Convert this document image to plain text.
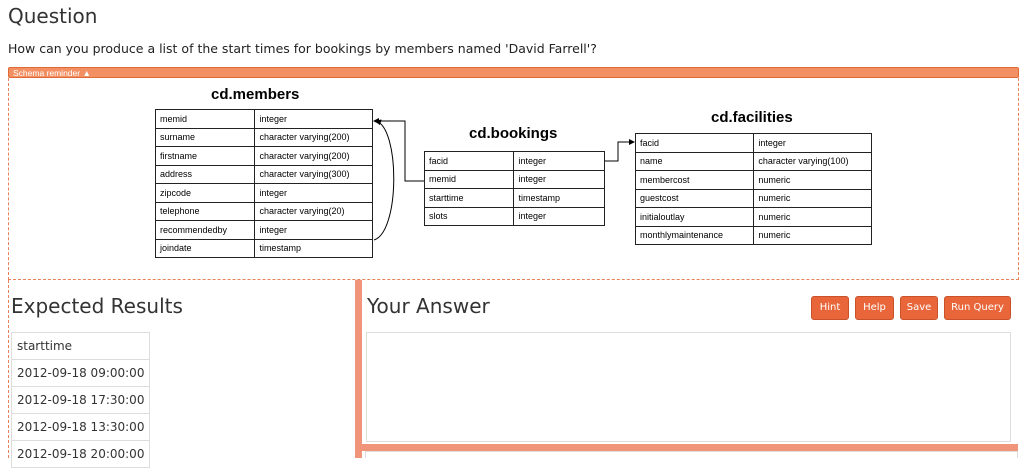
Question
How can you produce a list of the start times for bookings by members named 'David Farrell'?
Schema reminder ▲
cd.members
memid	integer
surname	character varying(200)
firstname	character varying(200)
address	character varying(300)
zipcode	integer
telephone	character varying(20)
recommendedby	integer
joindate	timestamp
cd.bookings
facid	integer
memid	integer
starttime	timestamp
slots	integer
cd.facilities
facid	integer
name	character varying(100)
membercost	numeric
guestcost	numeric
initialoutlay	numeric
monthlymaintenance	numeric
Expected Results
starttime
2012-09-18 09:00:00
2012-09-18 17:30:00
2012-09-18 13:30:00
2012-09-18 20:00:00
Your Answer	Hint	Help	Save	Run Query
